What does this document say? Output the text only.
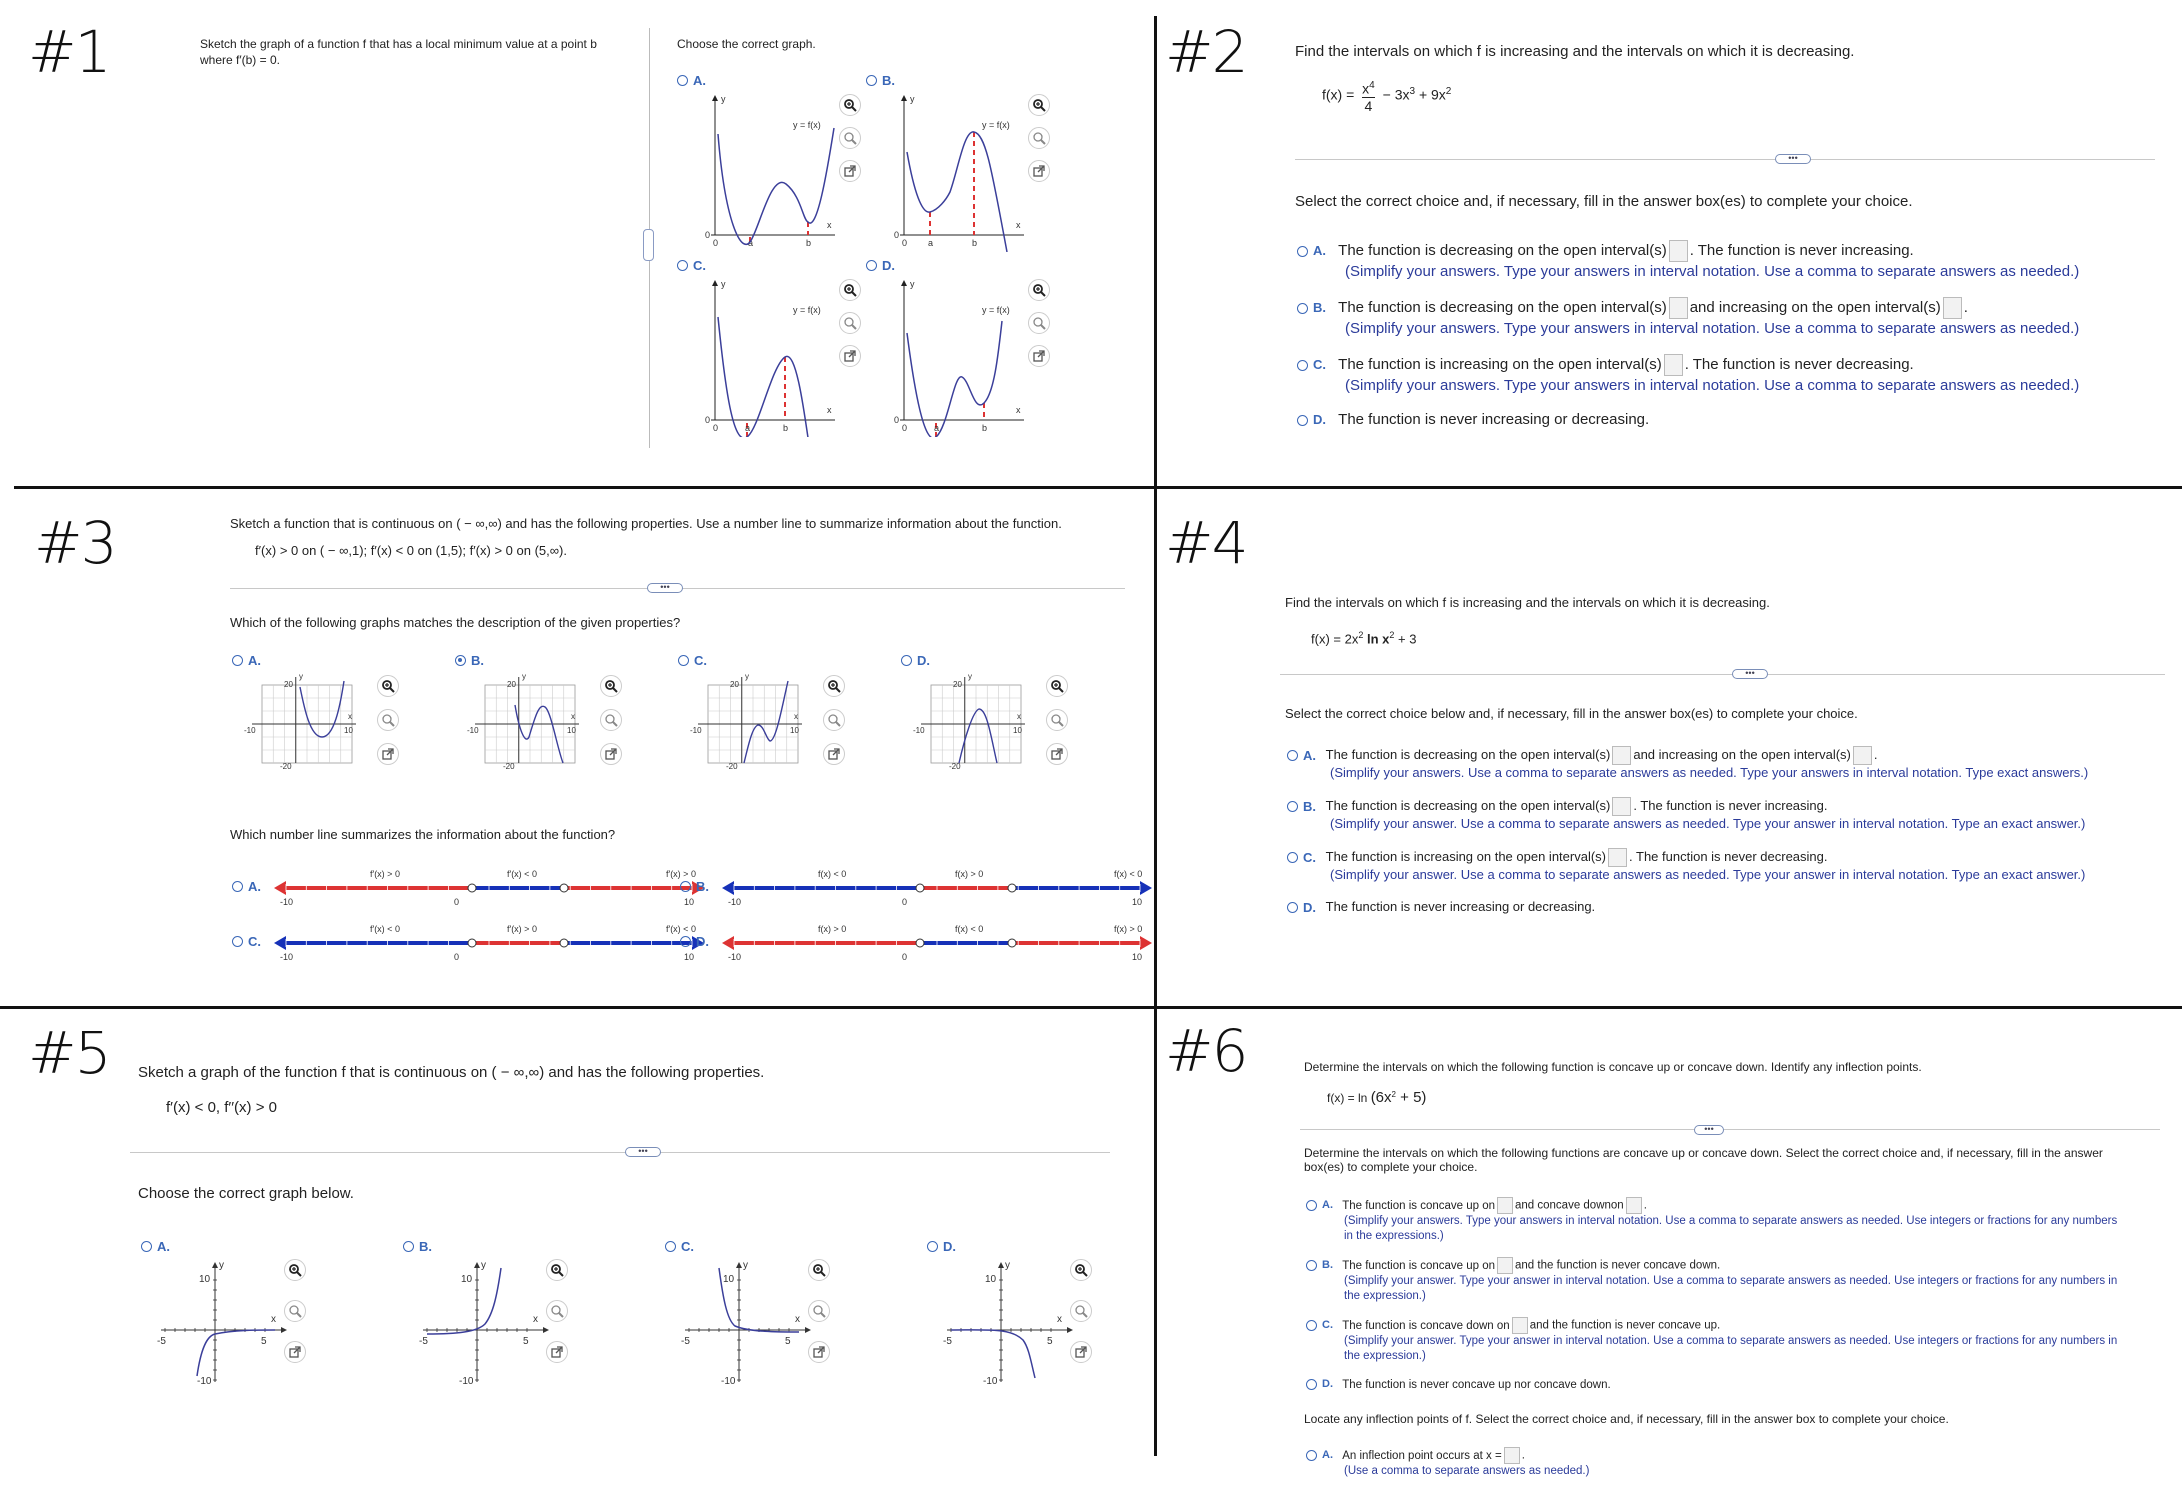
#1	Sketch the graph of a function f that has a local minimum value at a point b
where f′(b) = 0.
Choose the correct graph.
A.
y
x
0
0	a	b
y = f(x)
B.
y
x
0
0 a	b
y = f(x)
C.
y
x
0
0	a	b
y = f(x)
D.
y
x
0
0	a	b
y = f(x)
#2	Find the intervals on which f is increasing and the intervals on which it is decreasing.
$f(x) = \frac{x^4}{4} - 3x^3 + 9x^2$
•••
Select the correct choice and, if necessary, fill in the answer box(es) to complete your choice.
A. The function is decreasing on the open interval(s) . The function is never increasing.
(Simplify your answers. Type your answers in interval notation. Use a comma to separate answers as needed.)
B. The function is decreasing on the open interval(s) and increasing on the open interval(s) .
(Simplify your answers. Type your answers in interval notation. Use a comma to separate answers as needed.)
C. The function is increasing on the open interval(s) . The function is never decreasing.
(Simplify your answers. Type your answers in interval notation. Use a comma to separate answers as needed.)
D. The function is never increasing or decreasing.
#3	Sketch a function that is continuous on ( − ∞,∞) and has the following properties. Use a number line to summarize information about the function.
f′(x) > 0 on ( − ∞,1); f′(x) < 0 on (1,5); f′(x) > 0 on (5,∞).
•••
Which of the following graphs matches the description of the given properties?
Which number line summarizes the information about the function?
A.
y
x
20
-20
-10	10
B.
y
x
20
-20
-10	10
C.
y
x
20
-20
-10	10
D.
y
x
20
-20
-10	10
A.
f′(x) > 0	f′(x) < 0	f′(x) > 0
-10	0	10
B.
f(x) < 0	f(x) > 0	f(x) < 0
-10	0	10
C.
f′(x) < 0	f′(x) > 0	f′(x) < 0
-10	0	10
D.
f(x) > 0	f(x) < 0	f(x) > 0
-10	0	10
#4
Find the intervals on which f is increasing and the intervals on which it is decreasing.
$f(x) = 2x^2$ $\ln x^2 + 3$
•••
Select the correct choice below and, if necessary, fill in the answer box(es) to complete your choice.
A. The function is decreasing on the open interval(s) and increasing on the open interval(s) .
(Simplify your answers. Use a comma to separate answers as needed. Type your answers in interval notation. Type exact answers.)
B. The function is decreasing on the open interval(s) . The function is never increasing.
(Simplify your answer. Use a comma to separate answers as needed. Type your answer in interval notation. Type an exact answer.)
C. The function is increasing on the open interval(s) . The function is never decreasing.
(Simplify your answer. Use a comma to separate answers as needed. Type your answer in interval notation. Type an exact answer.)
D. The function is never increasing or decreasing.
#5 Sketch a graph of the function f that is continuous on ( − ∞,∞) and has the following properties.
f′(x) < 0, f′′(x) > 0
•••
Choose the correct graph below.
A.
y
x
10
-10
-5	5
B.
y
x
10
-10
-5	5
C.
y
x
10
-10
-5	5
D.
y
x
10
-10
-5	5
#6	Determine the intervals on which the following function is concave up or concave down. Identify any inflection points.
$f(x) = \ln (6x^2 + 5)$
•••
Determine the intervals on which the following functions are concave up or concave down. Select the correct choice and, if necessary, fill in the answer box(es) to complete your choice.
A. The function is concave up on and concave downon .
(Simplify your answers. Type your answers in interval notation. Use a comma to separate answers as needed. Use integers or fractions for any numbers in the expressions.)
B. The function is concave up on and the function is never concave down.
(Simplify your answer. Type your answer in interval notation. Use a comma to separate answers as needed. Use integers or fractions for any numbers in the expression.)
C. The function is concave down on and the function is never concave up.
(Simplify your answer. Type your answer in interval notation. Use a comma to separate answers as needed. Use integers or fractions for any numbers in the expression.)
D. The function is never concave up nor concave down.
Locate any inflection points of f. Select the correct choice and, if necessary, fill in the answer box to complete your choice.
A. An inflection point occurs at x = .
(Use a comma to separate answers as needed.)
